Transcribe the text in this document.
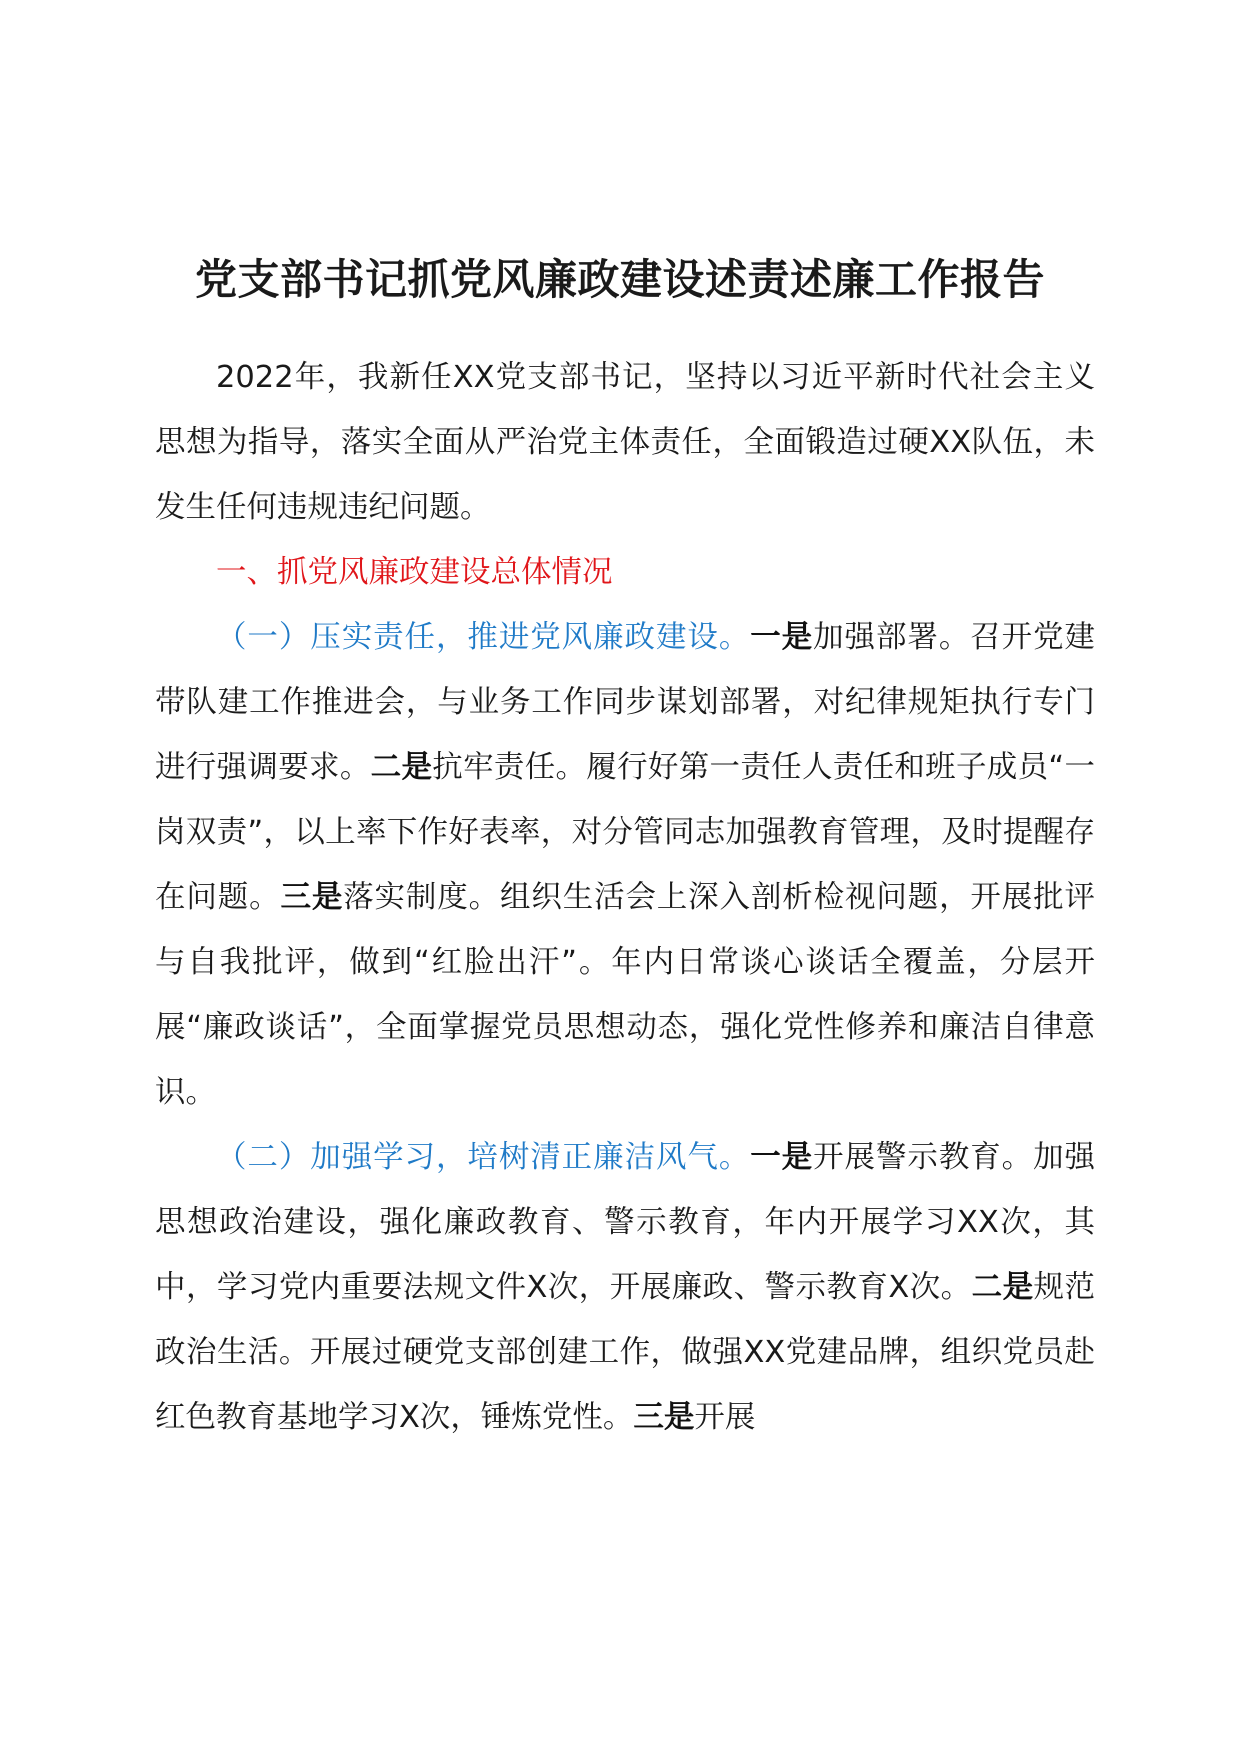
党支部书记抓党风廉政建设述责述廉工作报告

2022年，我新任XX党支部书记，坚持以习近平新时代社会主义思想为指导，落实全面从严治党主体责任，全面锻造过硬XX队伍，未发生任何违规违纪问题。

一、抓党风廉政建设总体情况

（一）压实责任，推进党风廉政建设。一是加强部署。召开党建带队建工作推进会，与业务工作同步谋划部署，对纪律规矩执行专门进行强调要求。二是抗牢责任。履行好第一责任人责任和班子成员“一岗双责”，以上率下作好表率，对分管同志加强教育管理，及时提醒存在问题。三是落实制度。组织生活会上深入剖析检视问题，开展批评与自我批评，做到“红脸出汗”。年内日常谈心谈话全覆盖，分层开展“廉政谈话”，全面掌握党员思想动态，强化党性修养和廉洁自律意识。

（二）加强学习，培树清正廉洁风气。一是开展警示教育。加强思想政治建设，强化廉政教育、警示教育，年内开展学习XX次，其中，学习党内重要法规文件X次，开展廉政、警示教育X次。二是规范政治生活。开展过硬党支部创建工作，做强XX党建品牌，组织党员赴红色教育基地学习X次，锤炼党性。三是开展
